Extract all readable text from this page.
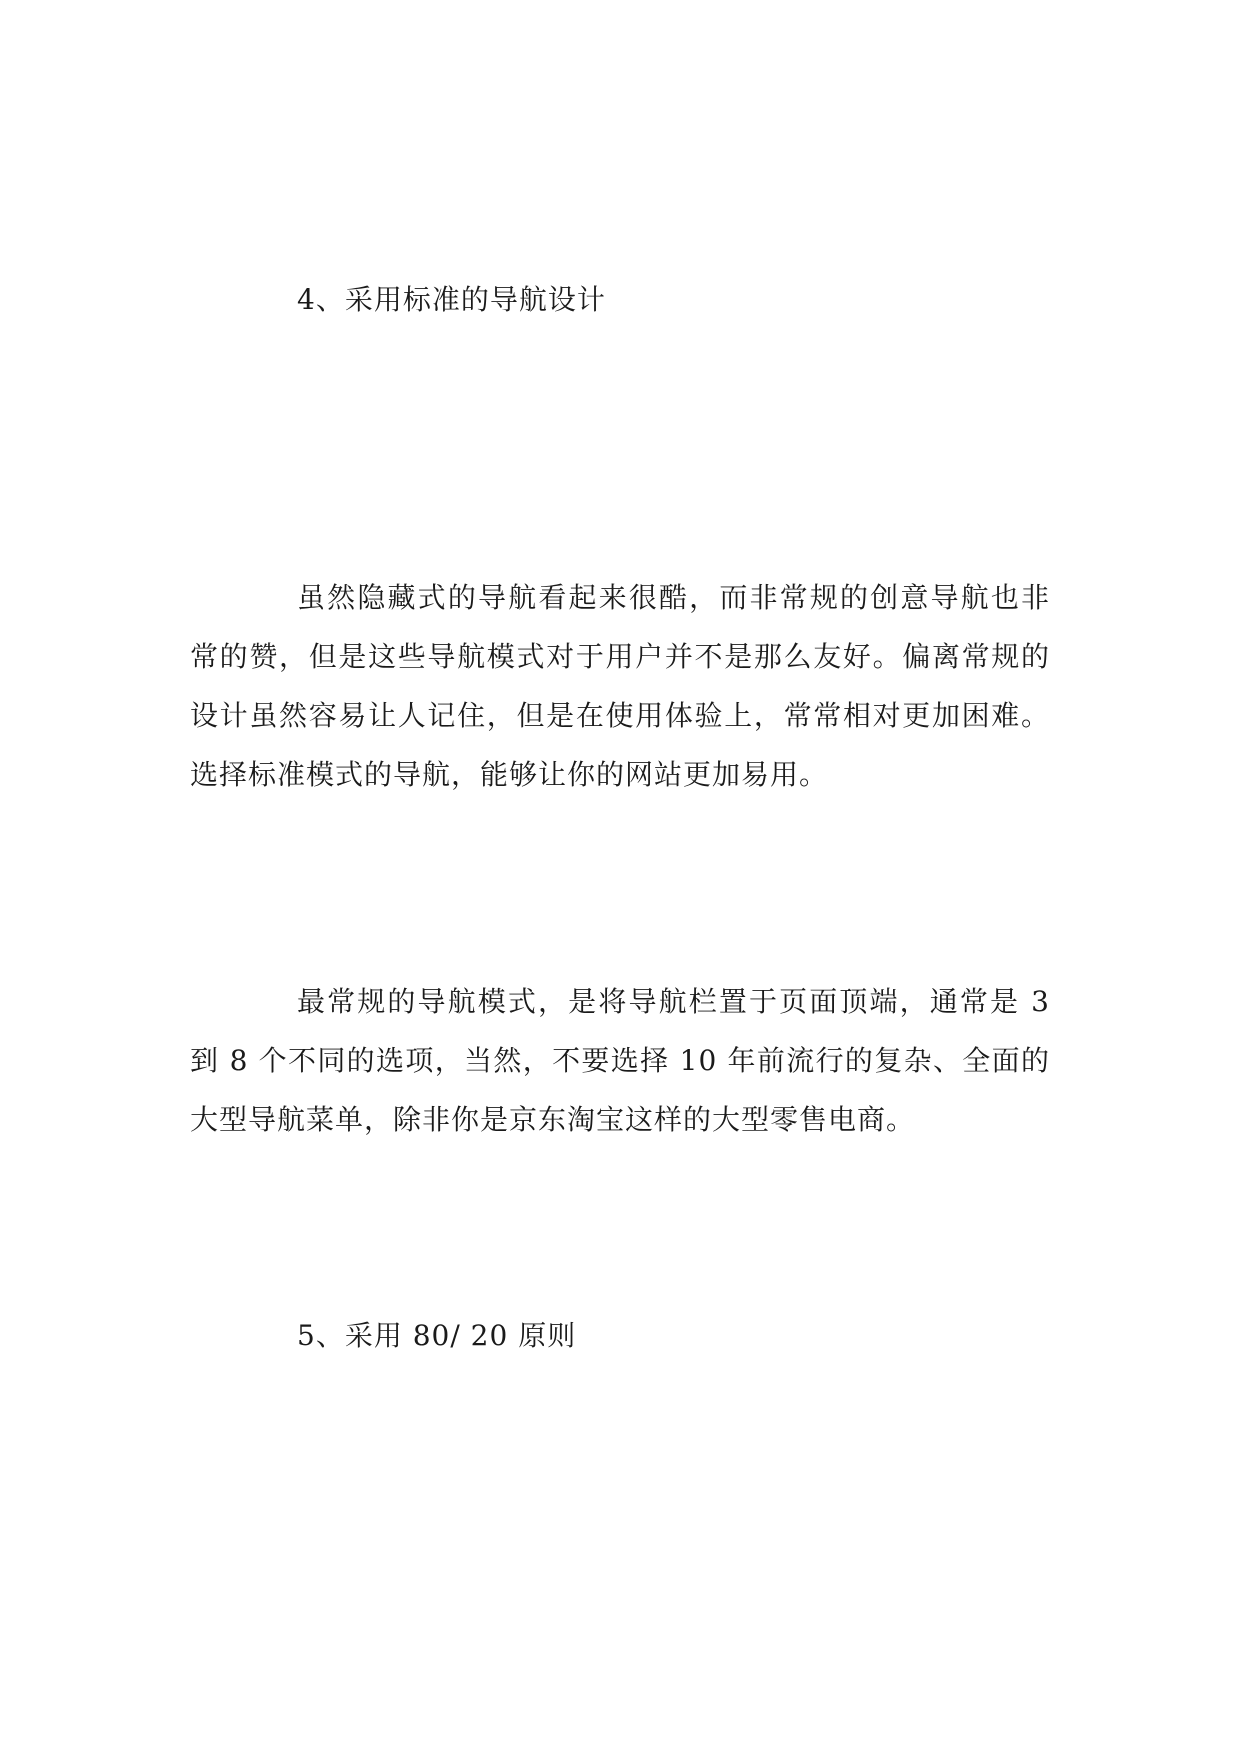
4、采用标准的导航设计

虽然隐藏式的导航看起来很酷，而非常规的创意导航也非常的赞，但是这些导航模式对于用户并不是那么友好。偏离常规的设计虽然容易让人记住，但是在使用体验上，常常相对更加困难。选择标准模式的导航，能够让你的网站更加易用。

最常规的导航模式，是将导航栏置于页面顶端，通常是 3 到 8 个不同的选项，当然，不要选择 10 年前流行的复杂、全面的大型导航菜单，除非你是京东淘宝这样的大型零售电商。

5、采用 80/ 20 原则
